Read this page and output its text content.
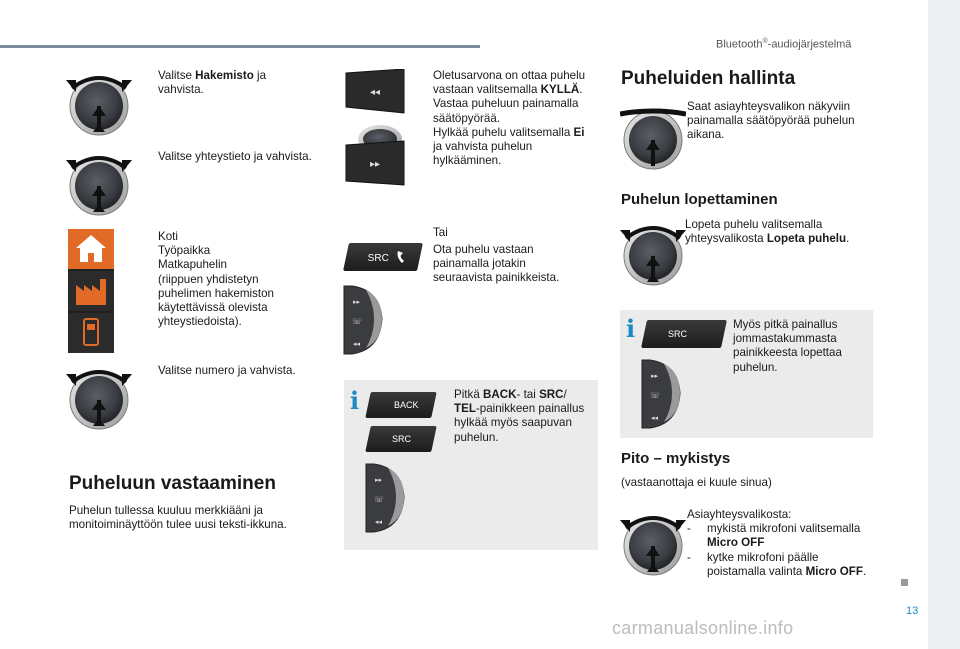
Bluetooth®-audiojärjestelmä
13
carmanualsonline.info
Valitse Hakemisto ja vahvista.
Valitse yhteystieto ja vahvista.
Koti
Työpaikka
Matkapuhelin
(riippuen yhdistetyn puhelimen hakemiston käytettävissä olevista yhteystiedoista).
Valitse numero ja vahvista.
Puheluun vastaaminen
Puhelun tullessa kuuluu merkkiääni ja monitoiminäyttöön tulee uusi teksti-ikkuna.
◂◂
▸▸
Oletusarvona on ottaa puhelu vastaan valitsemalla KYLLÄ.
Vastaa puheluun painamalla säätöpyörää.
Hylkää puhelu valitsemalla Ei ja vahvista puhelun hylkääminen.
Tai
Ota puhelu vastaan painamalla jotakin seuraavista painikkeista.
SRC
i	BACK
SRC
Pitkä BACK- tai SRC/
TEL-painikkeen painallus hylkää myös saapuvan puhelun.
Puheluiden hallinta
Saat asiayhteysvalikon näkyviin painamalla säätöpyörää puhelun aikana.
Puhelun lopettaminen
Lopeta puhelu valitsemalla yhteysvalikosta Lopeta puhelu.
i	SRC
Myös pitkä painallus jommastakummasta painikkeesta lopettaa puhelun.
Pito – mykistys
(vastaanottaja ei kuule sinua)
Asiayhteysvalikosta:
-	mykistä mikrofoni valitsemalla Micro OFF
-	kytke mikrofoni päälle poistamalla valinta Micro OFF.
